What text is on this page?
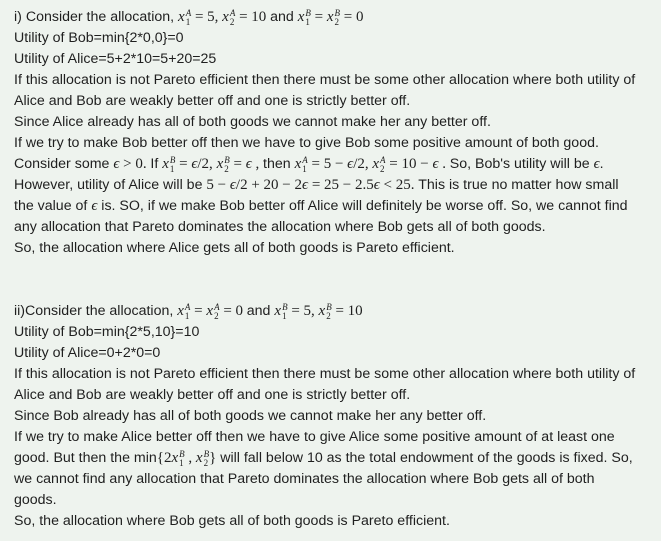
i) Consider the allocation, x A
1 = 5, x A
2 = 10 and x B
1 = x B
2 = 0
Utility of Bob=min{2*0,0}=0
Utility of Alice=5+2*10=5+20=25
If this allocation is not Pareto efficient then there must be some other allocation where both utility of
Alice and Bob are weakly better off and one is strictly better off.
Since Alice already has all of both goods we cannot make her any better off.
If we try to make Bob better off then we have to give Bob some positive amount of both good.
Consider some ϵ > 0. If x B
1 = ϵ/2, x B
2 = ϵ , then x A
1 = 5 − ϵ/2, x A
2 = 10 − ϵ . So, Bob's utility will be ϵ.
However, utility of Alice will be 5 − ϵ/2 + 20 − 2ϵ = 25 − 2.5ϵ < 25. This is true no matter how small
the value of ϵ is. SO, if we make Bob better off Alice will definitely be worse off. So, we cannot find
any allocation that Pareto dominates the allocation where Bob gets all of both goods.
So, the allocation where Alice gets all of both goods is Pareto efficient.
ii)Consider the allocation, x A
1 = x A
2 = 0 and x B
1 = 5, x B
2 = 10
Utility of Bob=min{2*5,10}=10
Utility of Alice=0+2*0=0
If this allocation is not Pareto efficient then there must be some other allocation where both utility of
Alice and Bob are weakly better off and one is strictly better off.
Since Bob already has all of both goods we cannot make her any better off.
If we try to make Alice better off then we have to give Alice some positive amount of at least one
good. But then the min{2x B
1 , x B
2 } will fall below 10 as the total endowment of the goods is fixed. So,
we cannot find any allocation that Pareto dominates the allocation where Bob gets all of both
goods.
So, the allocation where Bob gets all of both goods is Pareto efficient.
